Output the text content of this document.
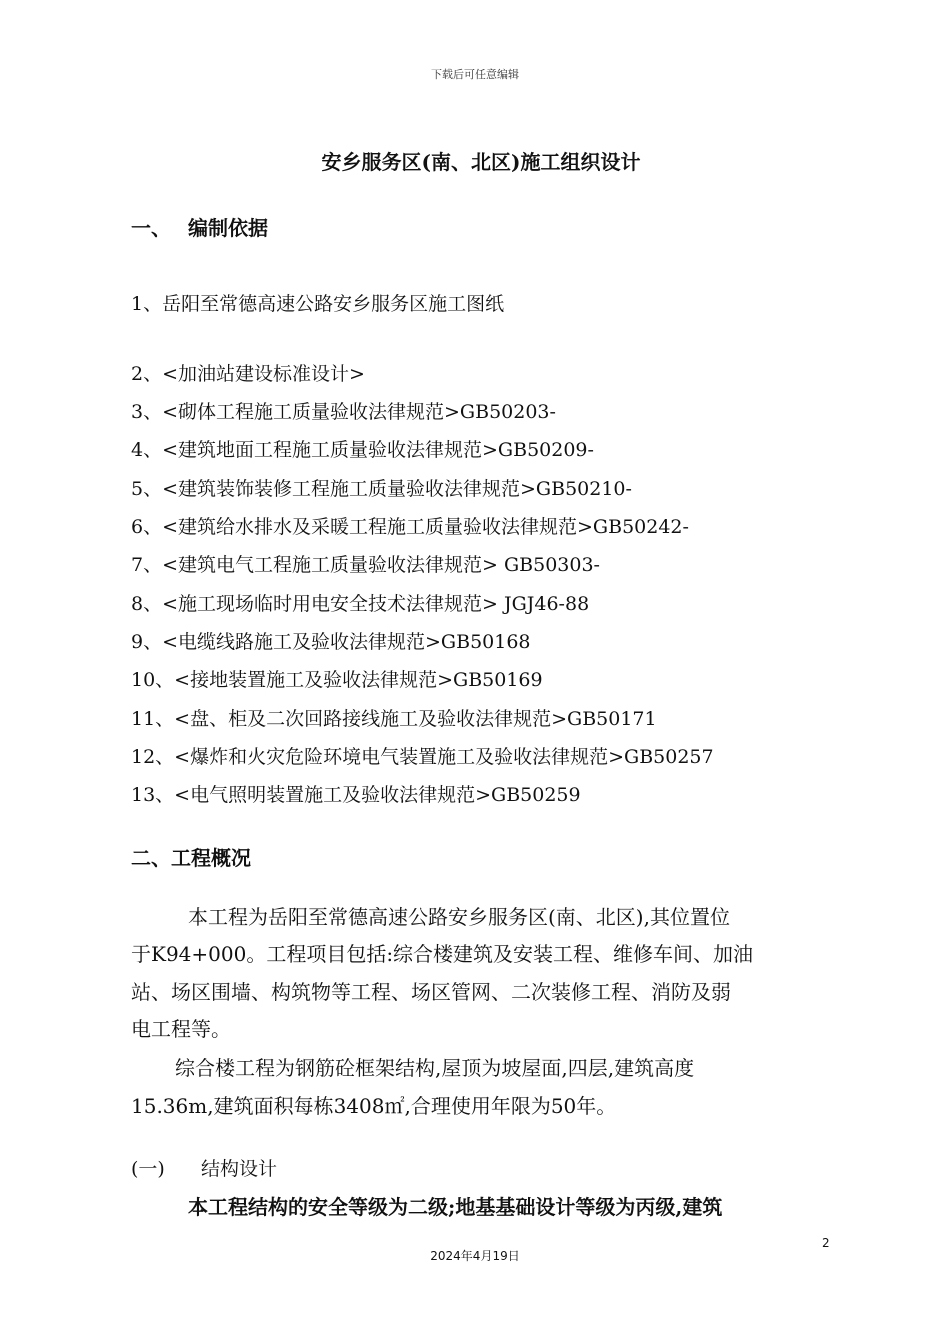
下载后可任意编辑
安乡服务区(南、北区)施工组织设计
一、 编制依据
1、岳阳至常德高速公路安乡服务区施工图纸
2、<加油站建设标准设计>
3、<砌体工程施工质量验收法律规范>GB50203-
4、<建筑地面工程施工质量验收法律规范>GB50209-
5、<建筑装饰装修工程施工质量验收法律规范>GB50210-
6、<建筑给水排水及采暖工程施工质量验收法律规范>GB50242-
7、<建筑电气工程施工质量验收法律规范> GB50303-
8、<施工现场临时用电安全技术法律规范> JGJ46-88
9、<电缆线路施工及验收法律规范>GB50168
10、<接地装置施工及验收法律规范>GB50169
11、<盘、柜及二次回路接线施工及验收法律规范>GB50171
12、<爆炸和火灾危险环境电气装置施工及验收法律规范>GB50257
13、<电气照明装置施工及验收法律规范>GB50259
二、工程概况
本工程为岳阳至常德高速公路安乡服务区(南、北区),其位置位
于K94+000。工程项目包括:综合楼建筑及安装工程、维修车间、加油
站、场区围墙、构筑物等工程、场区管网、二次装修工程、消防及弱
电工程等。
综合楼工程为钢筋砼框架结构,屋顶为坡屋面,四层,建筑高度
15.36m,建筑面积每栋3408㎡,合理使用年限为50年。
(一) 结构设计
本工程结构的安全等级为二级;地基基础设计等级为丙级,建筑
2
2024年4月19日
